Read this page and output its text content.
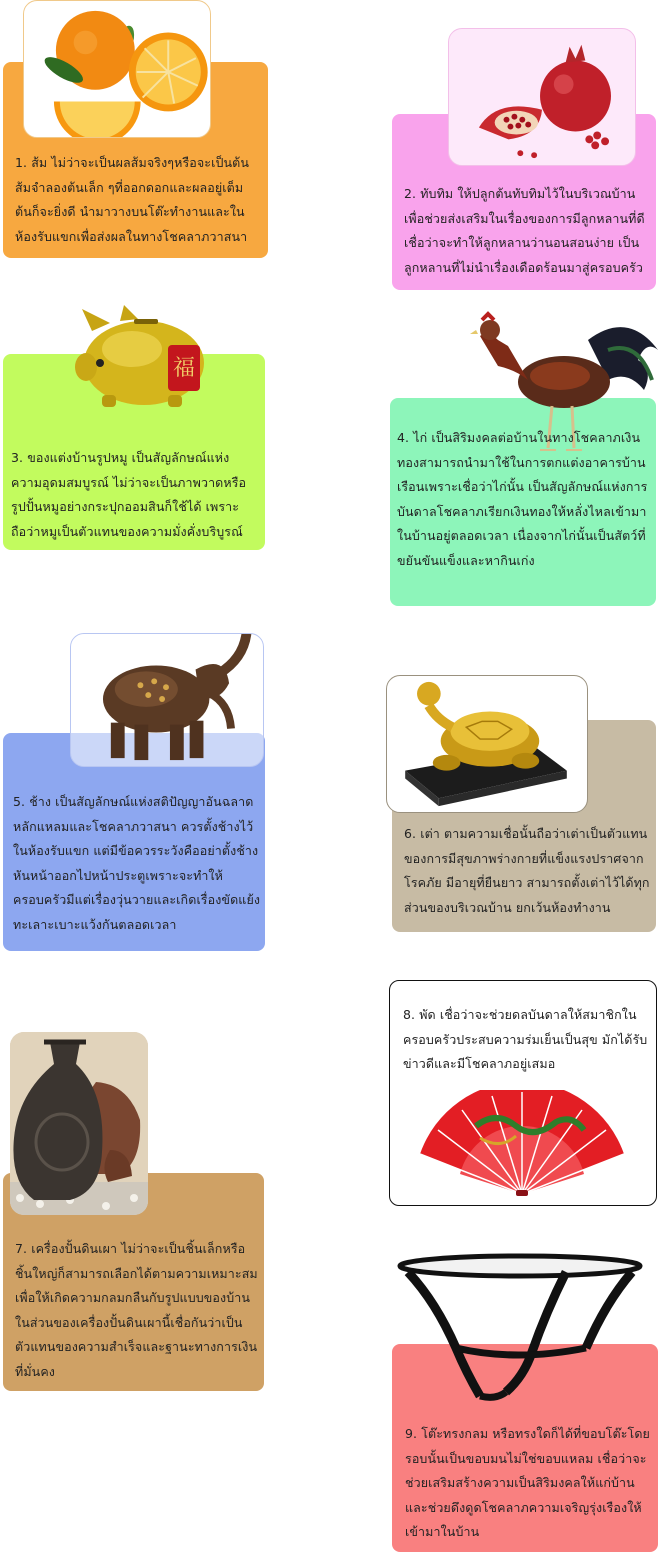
1. ส้ม ไม่ว่าจะเป็นผลส้มจริงๆหรือจะเป็นต้นส้มจำลองต้นเล็ก ๆที่ออกดอกและผลอยู่เต็มต้นก็จะยิ่งดี นำมาวางบนโต๊ะทำงานและในห้องรับแขกเพื่อส่งผลในทางโชคลาภวาสนา
2. ทับทิม ให้ปลูกต้นทับทิมไว้ในบริเวณบ้านเพื่อช่วยส่งเสริมในเรื่องของการมีลูกหลานที่ดีเชื่อว่าจะทำให้ลูกหลานว่านอนสอนง่าย เป็นลูกหลานที่ไม่นำเรื่องเดือดร้อนมาสู่ครอบครัว
福
3. ของแต่งบ้านรูปหมู เป็นสัญลักษณ์แห่งความอุดมสมบูรณ์ ไม่ว่าจะเป็นภาพวาดหรือรูปปั้นหมูอย่างกระปุกออมสินก็ใช้ได้ เพราะถือว่าหมูเป็นตัวแทนของความมั่งคั่งบริบูรณ์
4. ไก่ เป็นสิริมงคลต่อบ้านในทางโชคลาภเงินทองสามารถนำมาใช้ในการตกแต่งอาคารบ้านเรือนเพราะเชื่อว่าไก่นั้น เป็นสัญลักษณ์แห่งการบันดาลโชคลาภเรียกเงินทองให้หลั่งไหลเข้ามาในบ้านอยู่ตลอดเวลา เนื่องจากไก่นั้นเป็นสัตว์ที่ขยันขันแข็งและหากินเก่ง
5. ช้าง เป็นสัญลักษณ์แห่งสติปัญญาอันฉลาดหลักแหลมและโชคลาภวาสนา ควรตั้งช้างไว้ในห้องรับแขก แต่มีข้อควรระวังคืออย่าตั้งช้างหันหน้าออกไปหน้าประตูเพราะจะทำให้ครอบครัวมีแต่เรื่องวุ่นวายและเกิดเรื่องขัดแย้งทะเลาะเบาะแว้งกันตลอดเวลา
6. เต่า ตามความเชื่อนั้นถือว่าเต่าเป็นตัวแทนของการมีสุขภาพร่างกายที่แข็งแรงปราศจากโรคภัย มีอายุที่ยืนยาว สามารถตั้งเต่าไว้ได้ทุกส่วนของบริเวณบ้าน ยกเว้นห้องทำงาน
7. เครื่องปั้นดินเผา ไม่ว่าจะเป็นชิ้นเล็กหรือชิ้นใหญ่ก็สามารถเลือกได้ตามความเหมาะสมเพื่อให้เกิดความกลมกลืนกับรูปแบบของบ้านในส่วนของเครื่องปั้นดินเผานี้เชื่อกันว่าเป็นตัวแทนของความสำเร็จและฐานะทางการเงินที่มั่นคง
8. พัด เชื่อว่าจะช่วยดลบันดาลให้สมาชิกในครอบครัวประสบความร่มเย็นเป็นสุข มักได้รับข่าวดีและมีโชคลาภอยู่เสมอ
9. โต๊ะทรงกลม หรือทรงใดก็ได้ที่ขอบโต๊ะโดยรอบนั้นเป็นขอบมนไม่ใช่ขอบแหลม เชื่อว่าจะช่วยเสริมสร้างความเป็นสิริมงคลให้แก่บ้านและช่วยดึงดูดโชคลาภความเจริญรุ่งเรืองให้เข้ามาในบ้าน
